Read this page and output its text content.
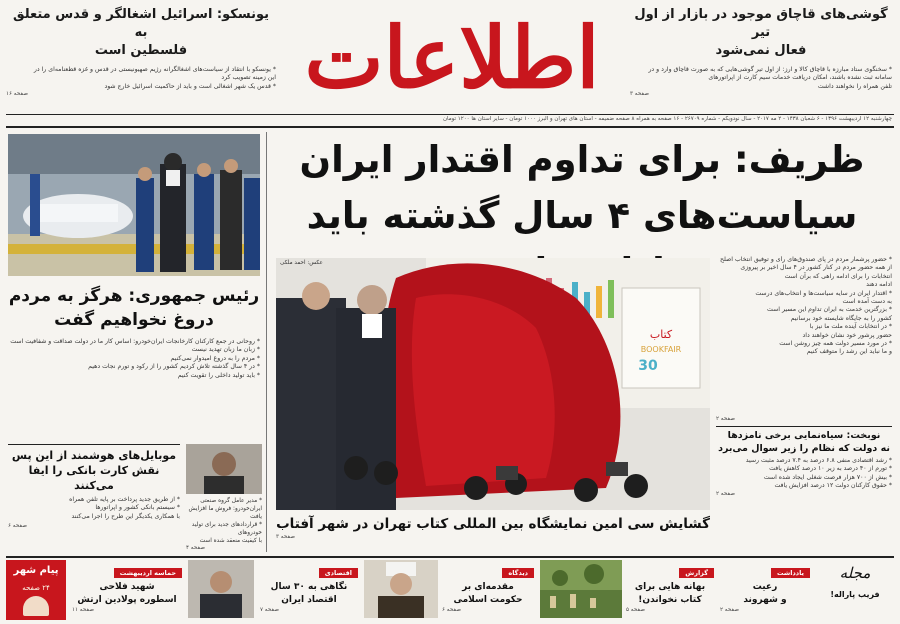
اطلاعات	گوشی‌های قاچاق موجود در بازار از اول تیر
فعال نمی‌شود
* سخنگوی ستاد مبارزه با قاچاق کالا و ارز: از اول تیر گوشی‌هایی که به صورت قاچاق وارد و در سامانه ثبت نشده باشند، امکان دریافت خدمات سیم کارت از اپراتورهای
تلفن همراه را نخواهند داشت
صفحه ۳
یونسکو: اسرائیل اشغالگر و قدس متعلق به
فلسطین است
* یونسکو با انتقاد از سیاست‌های اشغالگرانه رژیم صهیونیستی در قدس و غزه قطعنامه‌ای را در
این زمینه تصویب کرد
* قدس یک شهر اشغالی است و باید از حاکمیت اسرائیل خارج شود
صفحه ۱۶
چهارشنبه ۱۲ اردیبهشت ۱۳۹۶ - ۶ شعبان ۱۴۳۸ - ۲ مه ۲۰۱۷ - سال نودویکم - شماره ۲۶۷۰۹ - ۱۶ صفحه به همراه ۸ صفحه ضمیمه - استان های تهران و البرز ۱۰۰۰ تومان - سایر استان ها ۱۲۰۰ تومان
ظریف: برای تداوم اقتدار ایران
سیاست‌های ۴ سال گذشته باید
رئیس جمهوری: هرگز به مردم
دروغ نخواهیم گفت
* روحانی در جمع کارکنان کارخانجات ایران‌خودرو: اساس کار ما در دولت صداقت و شفافیت است
* زبان ما زبان تهدید نیست
* مردم را به دروغ امیدوار نمی‌کنیم
* در ۴ سال گذشته تلاش کردیم کشور را از رکود و تورم نجات دهیم
* باید تولید داخلی را تقویت کنیم
موبایل‌های هوشمند از این پس
نقش کارت بانکی را ایفا می‌کنند
* از طریق جدید پرداخت بر پایه تلفن همراه
* سیستم بانکی کشور و اپراتورها
با همکاری یکدیگر این طرح را اجرا می‌کنند
صفحه ۶
* مدیر عامل گروه صنعتی ایران‌خودرو: فروش ما افزایش یافت
* قراردادهای جدید برای تولید خودروهای
با کیفیت منعقد شده است
صفحه ۴
کتاب
BOOKFAIR
30
عکس: احمد ملکی
گشایش سی امین نمایشگاه بین المللی کتاب تهران در شهر آفتاب
صفحه ۳
* حضور پرشمار مردم در پای صندوق‌های رأی و توفیق انتخاب اصلح
از همه حضور مردم در کنار کشور در ۴ سال اخیر بر پیروزی
انتخابات را برای ادامه راهی که برآن است
ادامه دهند
* اقتدار ایران در سایه سیاست‌ها و انتخاب‌های درست
به دست آمده است
* بزرگترین خدمت به ایران تداوم این مسیر است
کشور را به جایگاه شایسته خود برسانیم
* در انتخابات آینده ملت ما نیز با
حضور پرشور خود نشان خواهند داد
* در مورد مسیر دولت همه چیز روشن است
و ما نباید این رشد را متوقف کنیم
صفحه ۲
نوبخت: سیاه‌نمایی برخی نامزدها
نه دولت که نظام را زیر سوال می‌برد
* رشد اقتصادی منفی ۶.۸ درصد به ۷.۴ درصد مثبت رسید
* تورم از ۴۰ درصد به زیر ۱۰ درصد کاهش یافت
* بیش از ۷۰۰ هزار فرصت شغلی ایجاد شده است
* حقوق کارکنان دولت ۱۲ درصد افزایش یافت
صفحه ۲
مجله
فریب پاراله!
یادداشت
رعیت
و شهروند
صفحه ۲
گزارش
بهانه هایی برای
کتاب نخواندن!
صفحه ۵
دیدگاه
مقدمه‌ای بر
حکومت اسلامی
صفحه ۶
اقتصادی
نگاهی به ۳۰ سال
اقتصاد ایران
صفحه ۷
حماسه اردیبهشت
شهید فلاحی
اسطوره پولادین ارتش
صفحه ۱۱
پیام شهر
۲۴ صفحه
